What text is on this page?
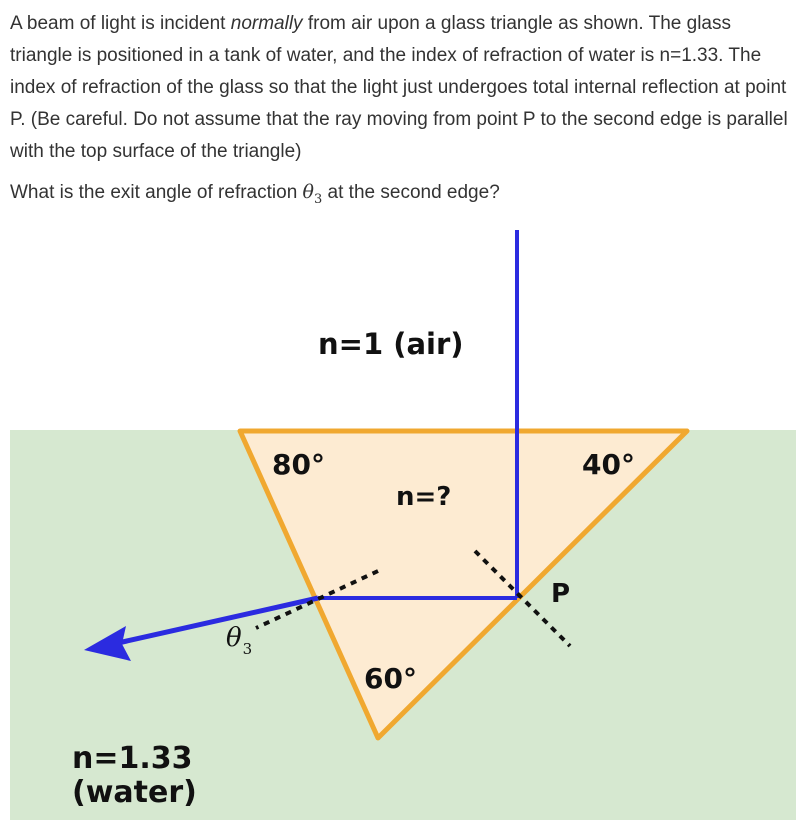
A beam of light is incident normally from air upon a glass triangle as shown. The glass triangle is positioned in a tank of water, and the index of refraction of water is n=1.33. The index of refraction of the glass so that the light just undergoes total internal reflection at point P. (Be careful. Do not assume that the ray moving from point P to the second edge is parallel with the top surface of the triangle)

What is the exit angle of refraction $\theta_3$ at the second edge?

n=1 (air)
n=?
80°	40°
60°
P
n=1.33
(water)
$\theta_3$
